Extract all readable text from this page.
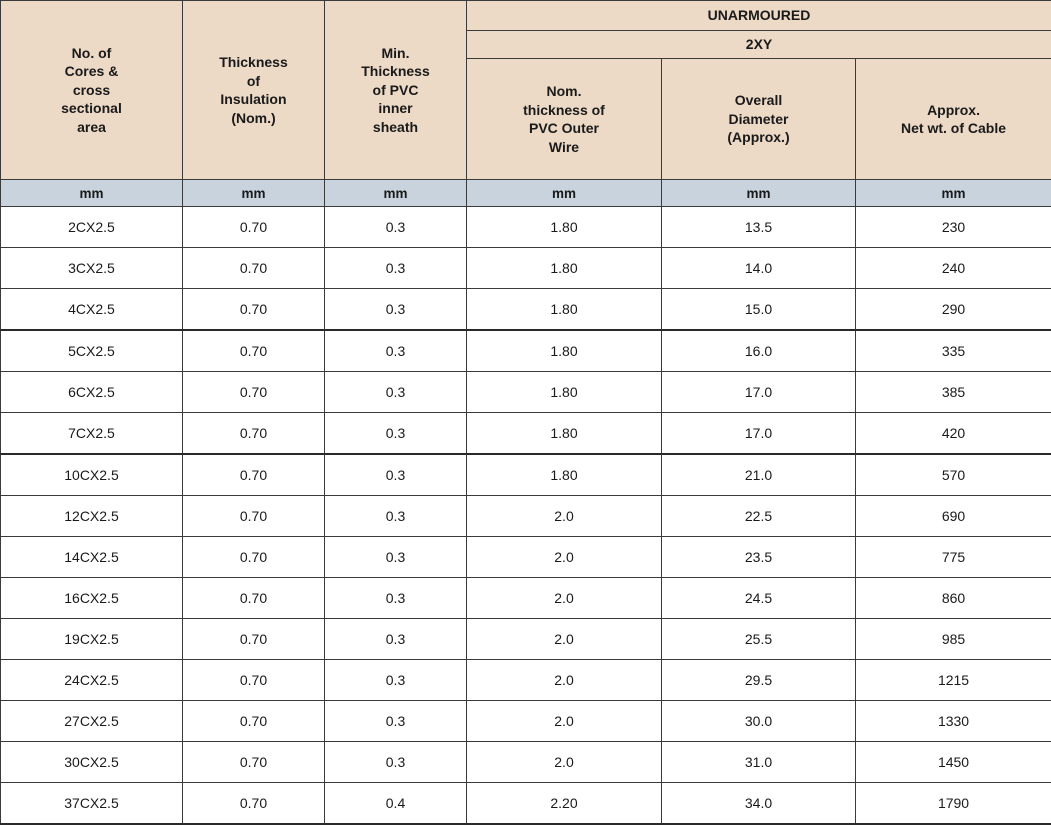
No. of
Cores &
cross
sectional
area	Thickness
of
Insulation
(Nom.)	Min.
Thickness
of PVC
inner
sheath	UNARMOURED		
			2XY		
			Nom.
thickness of
PVC Outer
Wire	Overall
Diameter
(Approx.)	Approx.
Net wt. of Cable
mm	mm	mm	mm	mm	mm
2CX2.5	0.70	0.3	1.80	13.5	230
3CX2.5	0.70	0.3	1.80	14.0	240
4CX2.5	0.70	0.3	1.80	15.0	290
5CX2.5	0.70	0.3	1.80	16.0	335
6CX2.5	0.70	0.3	1.80	17.0	385
7CX2.5	0.70	0.3	1.80	17.0	420
10CX2.5	0.70	0.3	1.80	21.0	570
12CX2.5	0.70	0.3	2.0	22.5	690
14CX2.5	0.70	0.3	2.0	23.5	775
16CX2.5	0.70	0.3	2.0	24.5	860
19CX2.5	0.70	0.3	2.0	25.5	985
24CX2.5	0.70	0.3	2.0	29.5	1215
27CX2.5	0.70	0.3	2.0	30.0	1330
30CX2.5	0.70	0.3	2.0	31.0	1450
37CX2.5	0.70	0.4	2.20	34.0	1790
